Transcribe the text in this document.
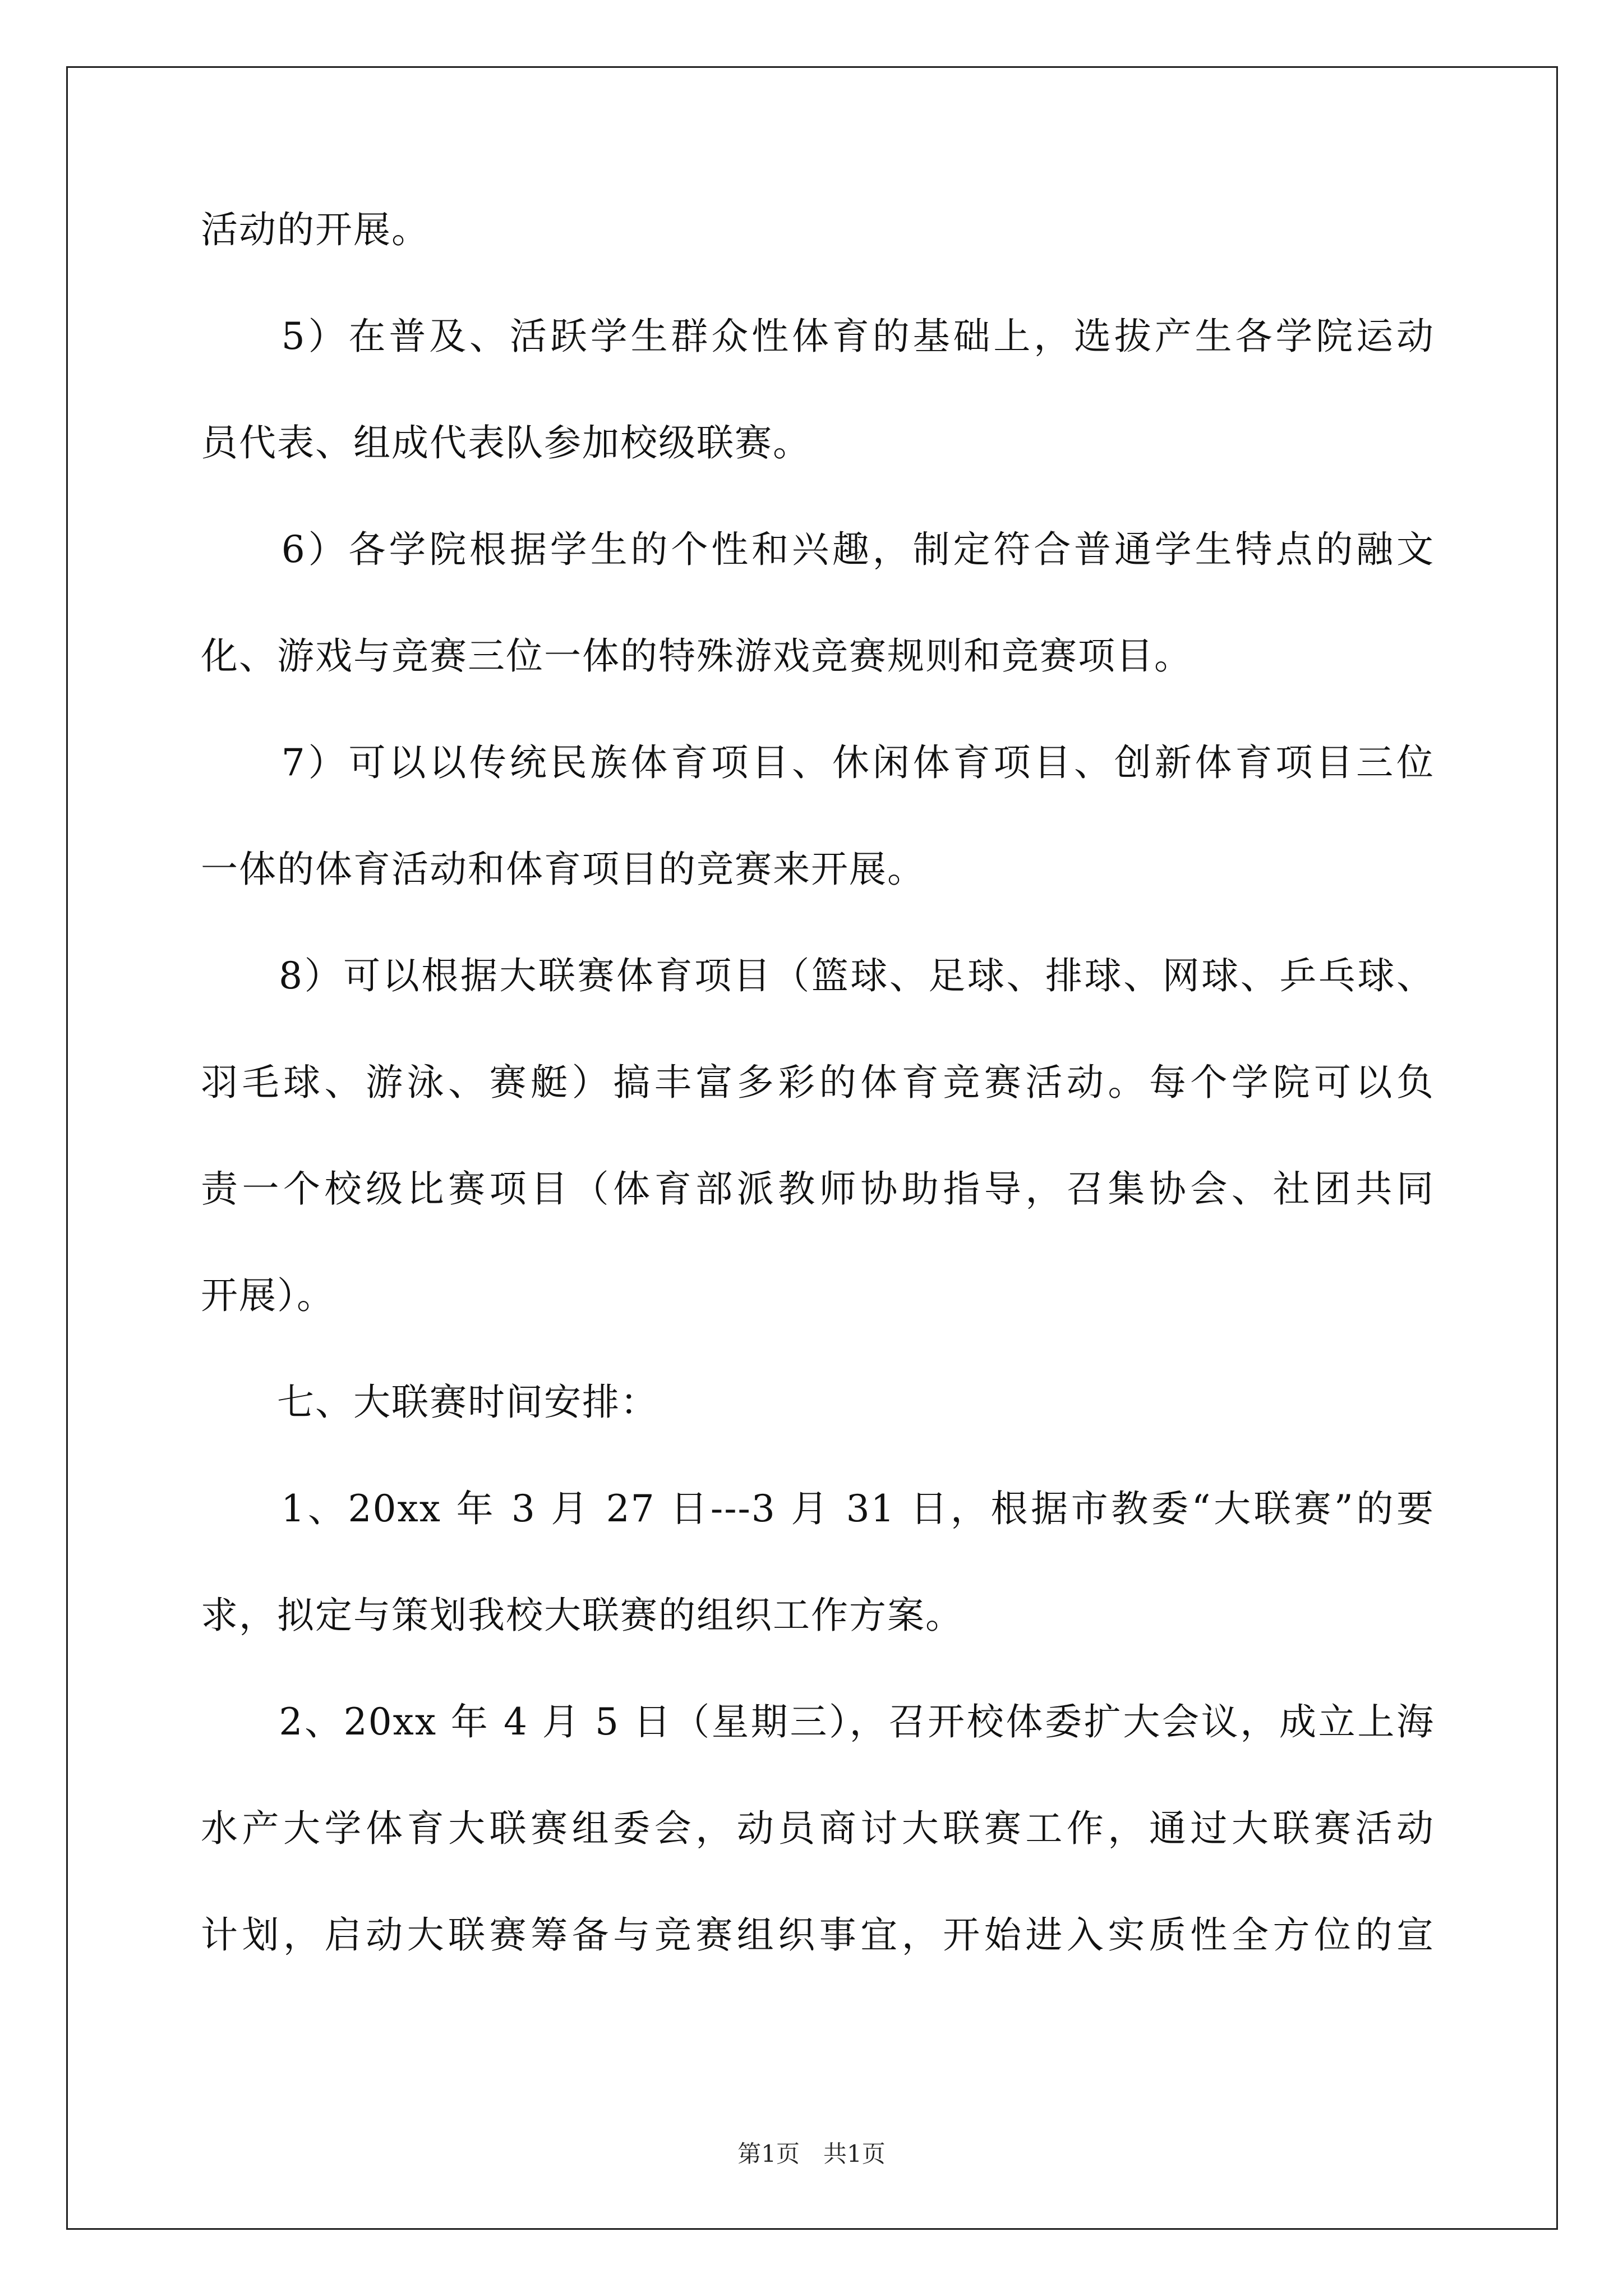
活动的开展。
　　5）在普及、活跃学生群众性体育的基础上，选拔产生各学院运动
员代表、组成代表队参加校级联赛。
　　6）各学院根据学生的个性和兴趣，制定符合普通学生特点的融文
化、游戏与竞赛三位一体的特殊游戏竞赛规则和竞赛项目。
　　7）可以以传统民族体育项目、休闲体育项目、创新体育项目三位
一体的体育活动和体育项目的竞赛来开展。
　　8）可以根据大联赛体育项目（篮球、足球、排球、网球、乒乓球、
羽毛球、游泳、赛艇）搞丰富多彩的体育竞赛活动。每个学院可以负
责一个校级比赛项目（体育部派教师协助指导，召集协会、社团共同
开展）。
　　七、大联赛时间安排：
　　1、20xx 年 3 月 27 日---3 月 31 日，根据市教委“大联赛”的要
求，拟定与策划我校大联赛的组织工作方案。
　　2、20xx 年 4 月 5 日（星期三），召开校体委扩大会议，成立上海
水产大学体育大联赛组委会，动员商讨大联赛工作，通过大联赛活动
计划，启动大联赛筹备与竞赛组织事宜，开始进入实质性全方位的宣
第1页　共1页
